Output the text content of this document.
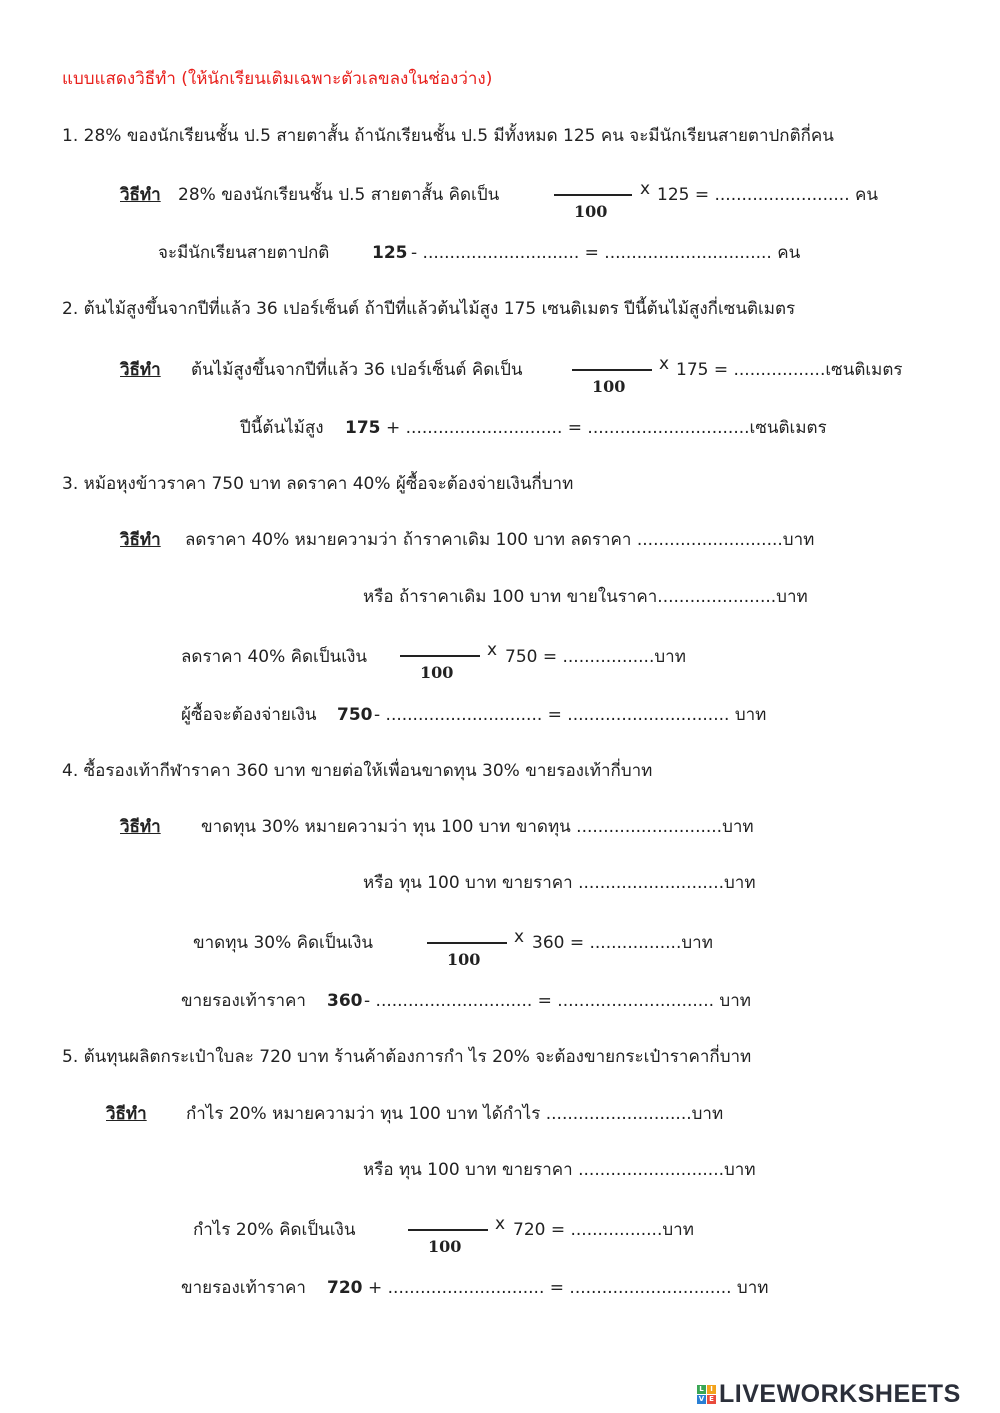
แบบแสดงวิธีทำ (ให้นักเรียนเติมเฉพาะตัวเลขลงในช่องว่าง)
1. 28% ของนักเรียนชั้น ป.5 สายตาสั้น ถ้านักเรียนชั้น ป.5 มีทั้งหมด 125 คน จะมีนักเรียนสายตาปกติกี่คน
วิธีทำ 28% ของนักเรียนชั้น ป.5 สายตาสั้น คิดเป็น
100
x 125 = ......................... คน
จะมีนักเรียนสายตาปกติ	125 - ............................. = ............................... คน
2. ต้นไม้สูงขึ้นจากปีที่แล้ว 36 เปอร์เซ็นต์ ถ้าปีที่แล้วต้นไม้สูง 175 เซนติเมตร ปีนี้ต้นไม้สูงกี่เซนติเมตร
วิธีทำ ต้นไม้สูงขึ้นจากปีที่แล้ว 36 เปอร์เซ็นต์ คิดเป็น
100
x 175 = .................เซนติเมตร
ปีนี้ต้นไม้สูง 175 + ............................. = ..............................เซนติเมตร
3. หม้อหุงข้าวราคา 750 บาท ลดราคา 40% ผู้ซื้อจะต้องจ่ายเงินกี่บาท
วิธีทำ ลดราคา 40% หมายความว่า ถ้าราคาเดิม 100 บาท ลดราคา ...........................บาท
หรือ ถ้าราคาเดิม 100 บาท ขายในราคา......................บาท
ลดราคา 40% คิดเป็นเงิน
100
x 750 = .................บาท
ผู้ซื้อจะต้องจ่ายเงิน 750 - ............................. = .............................. บาท
4. ซื้อรองเท้ากีฬาราคา 360 บาท ขายต่อให้เพื่อนขาดทุน 30% ขายรองเท้ากี่บาท
วิธีทำ ขาดทุน 30% หมายความว่า ทุน 100 บาท ขาดทุน ...........................บาท
หรือ ทุน 100 บาท ขายราคา ...........................บาท
ขาดทุน 30% คิดเป็นเงิน
100
x 360 = .................บาท
ขายรองเท้าราคา 360 - ............................. = ............................. บาท
5. ต้นทุนผลิตกระเป๋าใบละ 720 บาท ร้านค้าต้องการกำ ไร 20% จะต้องขายกระเป๋าราคากี่บาท
วิธีทำ กำไร 20% หมายความว่า ทุน 100 บาท ได้กำไร ...........................บาท
หรือ ทุน 100 บาท ขายราคา ...........................บาท
กำไร 20% คิดเป็นเงิน
100
x 720 = .................บาท
ขายรองเท้าราคา 720 + ............................. = .............................. บาท
L I
V E LIVEWORKSHEETS
